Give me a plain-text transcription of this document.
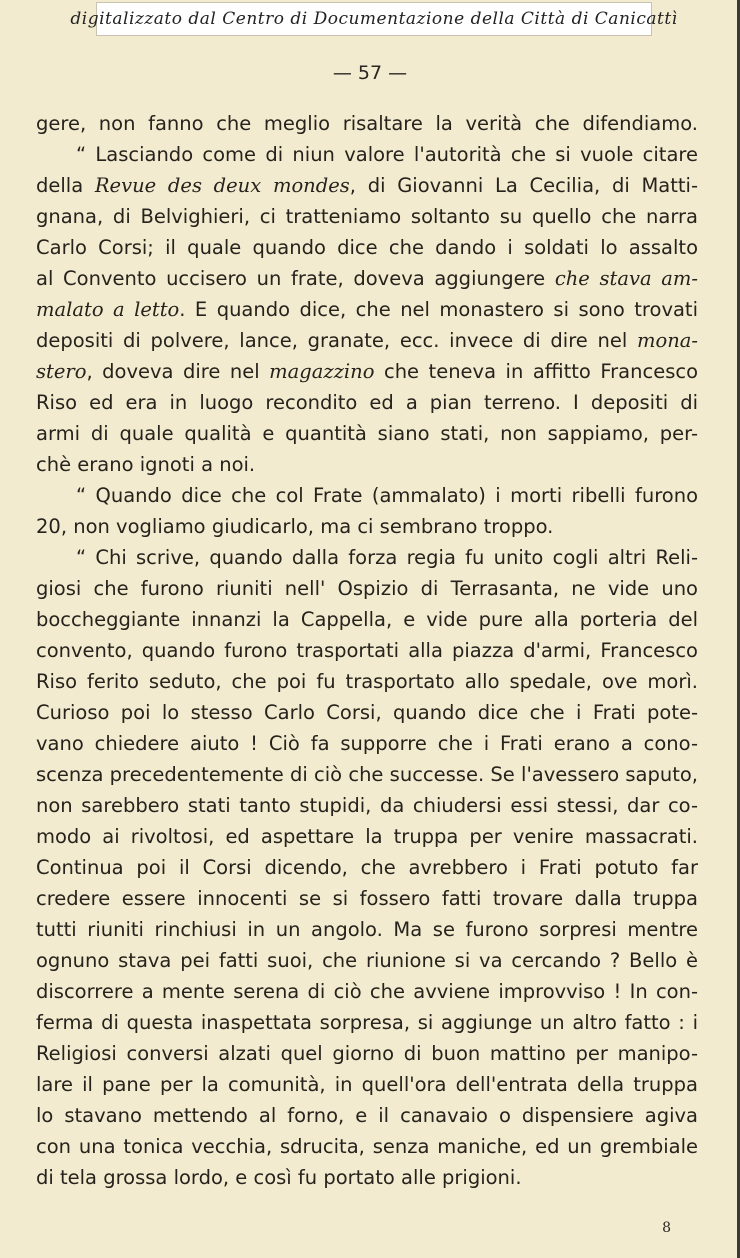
digitalizzato dal Centro di Documentazione della Città di Canicattì
— 57 —
gere, non fanno che meglio risaltare la verità che difendiamo.
“ Lasciando come di niun valore l'autorità che si vuole citare
della Revue des deux mondes, di Giovanni La Cecilia, di Matti-
gnana, di Belvighieri, ci tratteniamo soltanto su quello che narra
Carlo Corsi; il quale quando dice che dando i soldati lo assalto
al Convento uccisero un frate, doveva aggiungere che stava am-
malato a letto. E quando dice, che nel monastero si sono trovati
depositi di polvere, lance, granate, ecc. invece di dire nel mona-
stero, doveva dire nel magazzino che teneva in affitto Francesco
Riso ed era in luogo recondito ed a pian terreno. I depositi di
armi di quale qualità e quantità siano stati, non sappiamo, per-
chè erano ignoti a noi.
“ Quando dice che col Frate (ammalato) i morti ribelli furono
20, non vogliamo giudicarlo, ma ci sembrano troppo.
“ Chi scrive, quando dalla forza regia fu unito cogli altri Reli-
giosi che furono riuniti nell' Ospizio di Terrasanta, ne vide uno
boccheggiante innanzi la Cappella, e vide pure alla porteria del
convento, quando furono trasportati alla piazza d'armi, Francesco
Riso ferito seduto, che poi fu trasportato allo spedale, ove morì.
Curioso poi lo stesso Carlo Corsi, quando dice che i Frati pote-
vano chiedere aiuto ! Ciò fa supporre che i Frati erano a cono-
scenza precedentemente di ciò che successe. Se l'avessero saputo,
non sarebbero stati tanto stupidi, da chiudersi essi stessi, dar co-
modo ai rivoltosi, ed aspettare la truppa per venire massacrati.
Continua poi il Corsi dicendo, che avrebbero i Frati potuto far
credere essere innocenti se si fossero fatti trovare dalla truppa
tutti riuniti rinchiusi in un angolo. Ma se furono sorpresi mentre
ognuno stava pei fatti suoi, che riunione si va cercando ? Bello è
discorrere a mente serena di ciò che avviene improvviso ! In con-
ferma di questa inaspettata sorpresa, si aggiunge un altro fatto : i
Religiosi conversi alzati quel giorno di buon mattino per manipo-
lare il pane per la comunità, in quell'ora dell'entrata della truppa
lo stavano mettendo al forno, e il canavaio o dispensiere agiva
con una tonica vecchia, sdrucita, senza maniche, ed un grembiale
di tela grossa lordo, e così fu portato alle prigioni.
8
